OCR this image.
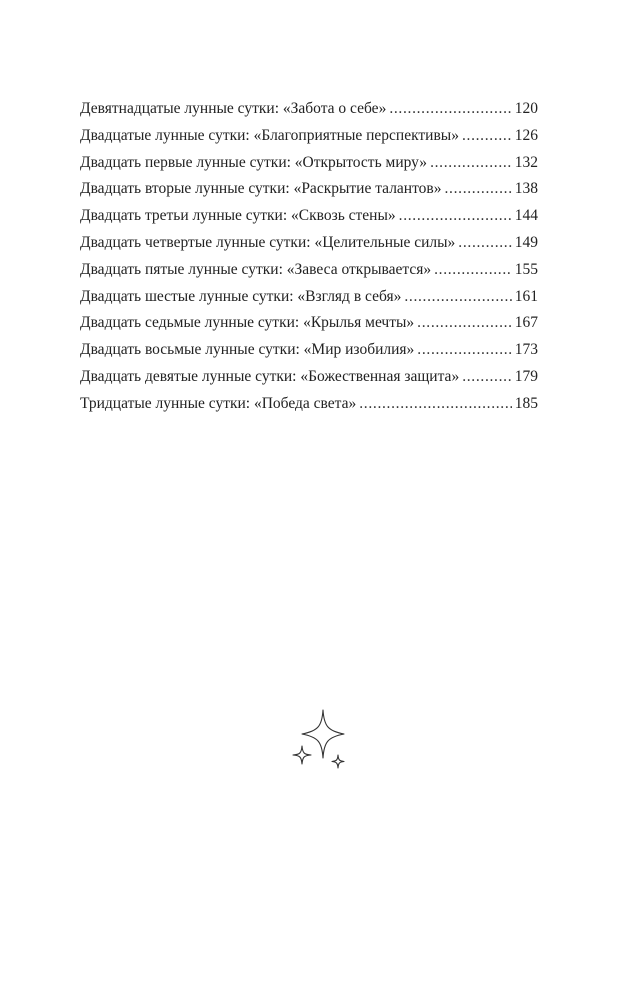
Девятнадцатые лунные сутки: «Забота о себе» . . .	120
Двадцатые лунные сутки: «Благоприятные перспективы» . . .	126
Двадцать первые лунные сутки: «Открытость миру» . . .	132
Двадцать вторые лунные сутки: «Раскрытие талантов» . . .	138
Двадцать третьи лунные сутки: «Сквозь стены» . . .	144
Двадцать четвертые лунные сутки: «Целительные силы» . . .	149
Двадцать пятые лунные сутки: «Завеса открывается» . . .	155
Двадцать шестые лунные сутки: «Взгляд в себя» . . .	161
Двадцать седьмые лунные сутки: «Крылья мечты» . . .	167
Двадцать восьмые лунные сутки: «Мир изобилия» . . .	173
Двадцать девятые лунные сутки: «Божественная защита» . . .	179
Тридцатые лунные сутки: «Победа света» . . .	185
